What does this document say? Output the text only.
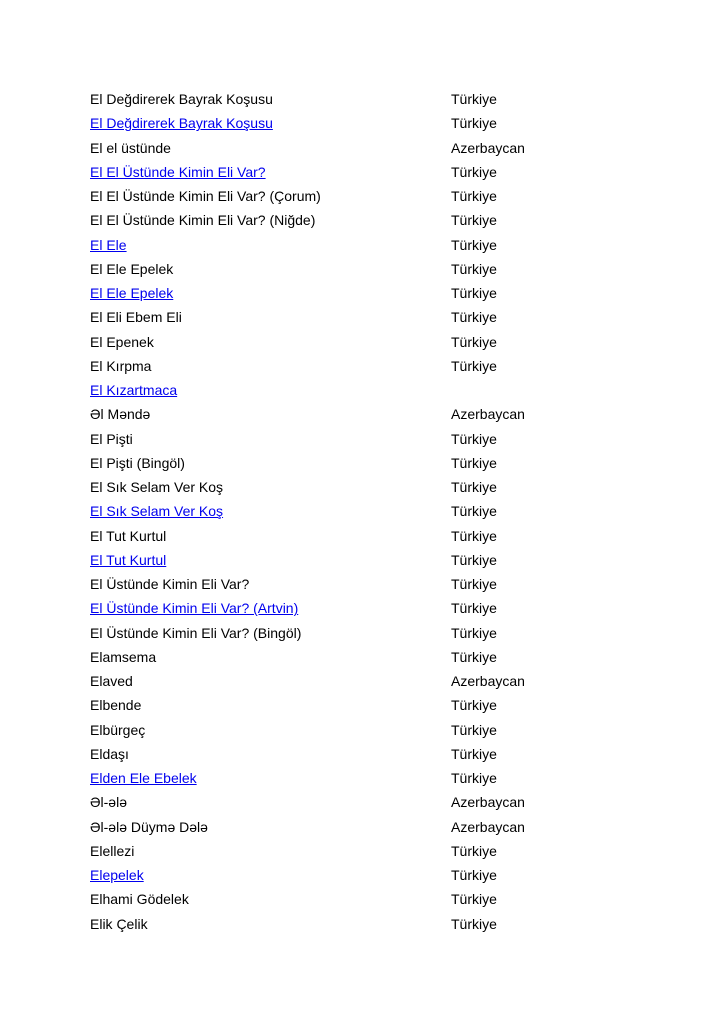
El Değdirerek Bayrak Koşusu	Türkiye
El Değdirerek Bayrak Koşusu	Türkiye
El el üstünde	Azerbaycan
El El Üstünde Kimin Eli Var?	Türkiye
El El Üstünde Kimin Eli Var? (Çorum)	Türkiye
El El Üstünde Kimin Eli Var? (Niğde)	Türkiye
El Ele	Türkiye
El Ele Epelek	Türkiye
El Ele Epelek	Türkiye
El Eli Ebem Eli	Türkiye
El Epenek	Türkiye
El Kırpma	Türkiye
El Kızartmaca
Əl Məndə	Azerbaycan
El Pişti	Türkiye
El Pişti (Bingöl)	Türkiye
El Sık Selam Ver Koş	Türkiye
El Sık Selam Ver Koş	Türkiye
El Tut Kurtul	Türkiye
El Tut Kurtul	Türkiye
El Üstünde Kimin Eli Var?	Türkiye
El Üstünde Kimin Eli Var? (Artvin)	Türkiye
El Üstünde Kimin Eli Var? (Bingöl)	Türkiye
Elamsema	Türkiye
Elaved	Azerbaycan
Elbende	Türkiye
Elbürgeç	Türkiye
Eldaşı	Türkiye
Elden Ele Ebelek	Türkiye
Əl-ələ	Azerbaycan
Əl-ələ Düymə Dələ	Azerbaycan
Elellezi	Türkiye
Elepelek	Türkiye
Elhami Gödelek	Türkiye
Elik Çelik	Türkiye
